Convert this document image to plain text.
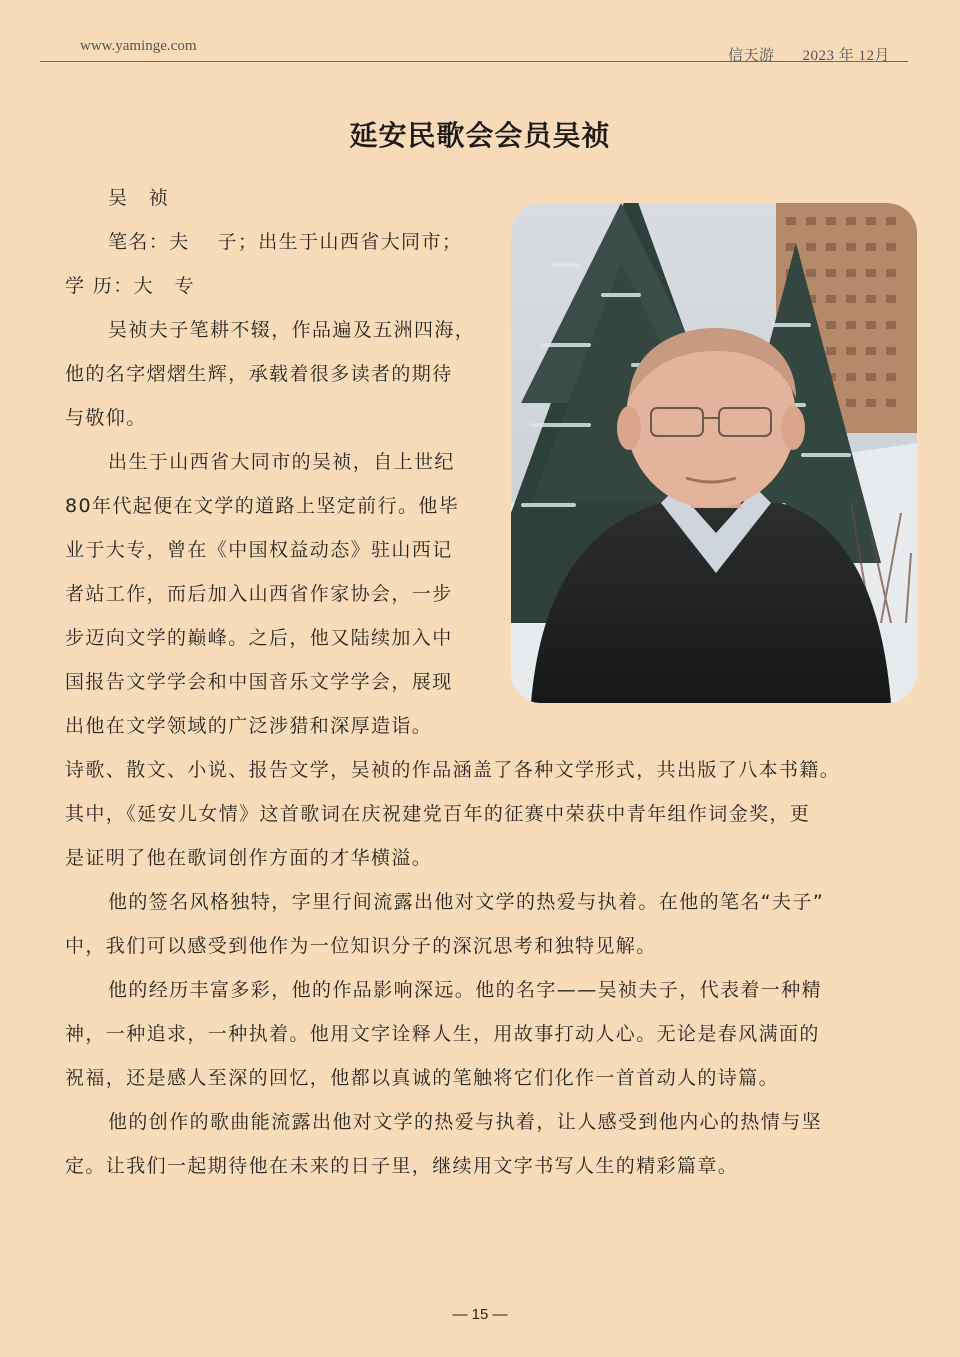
www.yaminge.com
信天游 2023 年 12月
延安民歌会会员吴祯
吴　祯
笔名：夫　 子；出生于山西省大同市；
学 历：大　专
吴祯夫子笔耕不辍，作品遍及五洲四海，
他的名字熠熠生辉，承载着很多读者的期待
与敬仰。
出生于山西省大同市的吴祯，自上世纪
80年代起便在文学的道路上坚定前行。他毕
业于大专，曾在《中国权益动态》驻山西记
者站工作，而后加入山西省作家协会，一步
步迈向文学的巅峰。之后，他又陆续加入中
国报告文学学会和中国音乐文学学会，展现
出他在文学领域的广泛涉猎和深厚造诣。
诗歌、散文、小说、报告文学，吴祯的作品涵盖了各种文学形式，共出版了八本书籍。
其中，《延安儿女情》这首歌词在庆祝建党百年的征赛中荣获中青年组作词金奖，更
是证明了他在歌词创作方面的才华横溢。
他的签名风格独特，字里行间流露出他对文学的热爱与执着。在他的笔名“夫子”
中，我们可以感受到他作为一位知识分子的深沉思考和独特见解。
他的经历丰富多彩，他的作品影响深远。他的名字——吴祯夫子，代表着一种精
神，一种追求，一种执着。他用文字诠释人生，用故事打动人心。无论是春风满面的
祝福，还是感人至深的回忆，他都以真诚的笔触将它们化作一首首动人的诗篇。
他的创作的歌曲能流露出他对文学的热爱与执着，让人感受到他内心的热情与坚
定。让我们一起期待他在未来的日子里，继续用文字书写人生的精彩篇章。
— 15 —
